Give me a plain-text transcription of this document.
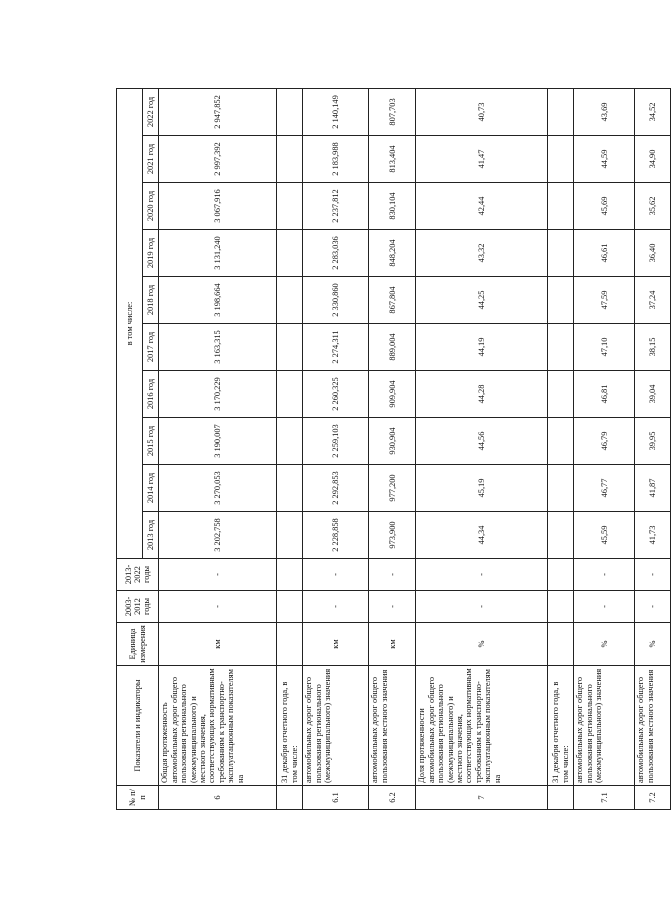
№ п/п	Показатели и индикаторы	Единица измерения	2003-2012 годы	2013-2022 годы	в том числе:									
					2013 год	2014 год	2015 год	2016 год	2017 год	2018 год	2019 год	2020 год	2021 год	2022 год
6	Общая протяженность автомобильных дорог общего пользования регионального (межмуниципального) и местного значения, соответствующих нормативным требованиям к транспортно-эксплуатационным показателям на	км	-	-	3 202,758	3 270,053	3 190,007	3 170,229	3 163,315	3 198,664	3 131,240	3 067,916	2 997,392	2 947,852
	31 декабря отчетного года, в том числе:													
6.1	автомобильных дорог общего пользования регионального (межмуниципального) значения	км	-	-	2 228,858	2 292,853	2 259,103	2 260,325	2 274,311	2 330,860	2 283,036	2 237,812	2 183,988	2 140,149
6.2	автомобильных дорог общего пользования местного значения	км	-	-	973,900	977,200	930,904	909,904	889,004	867,804	848,204	830,104	813,404	807,703
7	Доля протяженности автомобильных дорог общего пользования регионального (межмуниципального) и местного значения, соответствующих нормативным требованиям к транспортно-эксплуатационным показателям на	%	-	-	44,34	45,19	44,56	44,28	44,19	44,25	43,32	42,44	41,47	40,73
	31 декабря отчетного года, в том числе:													
7.1	автомобильных дорог общего пользования регионального (межмуниципального) значения	%	-	-	45,59	46,77	46,79	46,81	47,10	47,59	46,61	45,69	44,59	43,69
7.2	автомобильных дорог общего пользования местного значения	%	-	-	41,73	41,87	39,95	39,04	38,15	37,24	36,40	35,62	34,90	34,52
